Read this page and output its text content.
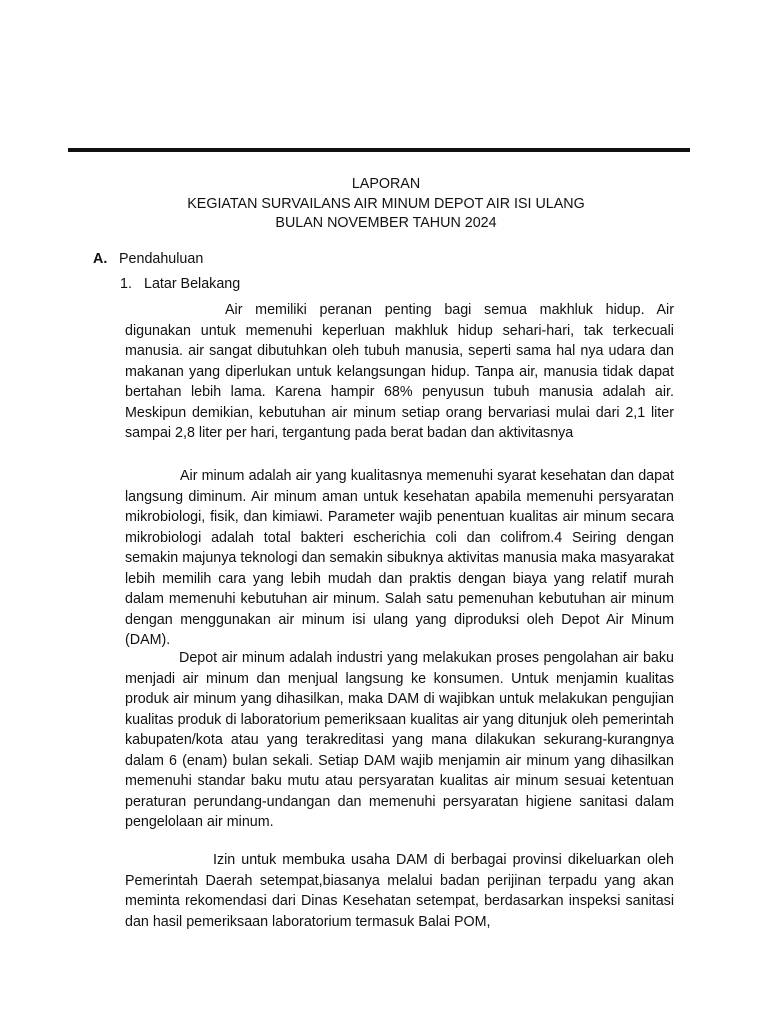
LAPORAN
KEGIATAN SURVAILANS AIR MINUM DEPOT AIR ISI ULANG
BULAN NOVEMBER TAHUN 2024
A. Pendahuluan
1. Latar Belakang

Air memiliki peranan penting bagi semua makhluk hidup. Air digunakan untuk memenuhi keperluan makhluk hidup sehari-hari, tak terkecuali manusia. air sangat dibutuhkan oleh tubuh manusia, seperti sama hal nya udara dan makanan yang diperlukan untuk kelangsungan hidup. Tanpa air, manusia tidak dapat bertahan lebih lama. Karena hampir 68% penyusun tubuh manusia adalah air. Meskipun demikian, kebutuhan air minum setiap orang bervariasi mulai dari 2,1 liter sampai 2,8 liter per hari, tergantung pada berat badan dan aktivitasnya

Air minum adalah air yang kualitasnya memenuhi syarat kesehatan dan dapat langsung diminum. Air minum aman untuk kesehatan apabila memenuhi persyaratan mikrobiologi, fisik, dan kimiawi. Parameter wajib penentuan kualitas air minum secara mikrobiologi adalah total bakteri escherichia coli dan colifrom.4 Seiring dengan semakin majunya teknologi dan semakin sibuknya aktivitas manusia maka masyarakat lebih memilih cara yang lebih mudah dan praktis dengan biaya yang relatif murah dalam memenuhi kebutuhan air minum. Salah satu pemenuhan kebutuhan air minum dengan menggunakan air minum isi ulang yang diproduksi oleh Depot Air Minum (DAM).

Depot air minum adalah industri yang melakukan proses pengolahan air baku menjadi air minum dan menjual langsung ke konsumen. Untuk menjamin kualitas produk air minum yang dihasilkan, maka DAM di wajibkan untuk melakukan pengujian kualitas produk di laboratorium pemeriksaan kualitas air yang ditunjuk oleh pemerintah kabupaten/kota atau yang terakreditasi yang mana dilakukan sekurang-kurangnya dalam 6 (enam) bulan sekali. Setiap DAM wajib menjamin air minum yang dihasilkan memenuhi standar baku mutu atau persyaratan kualitas air minum sesuai ketentuan peraturan perundang-undangan dan memenuhi persyaratan higiene sanitasi dalam pengelolaan air minum.

Izin untuk membuka usaha DAM di berbagai provinsi dikeluarkan oleh Pemerintah Daerah setempat,biasanya melalui badan perijinan terpadu yang akan meminta rekomendasi dari Dinas Kesehatan setempat, berdasarkan inspeksi sanitasi dan hasil pemeriksaan laboratorium termasuk Balai POM,
